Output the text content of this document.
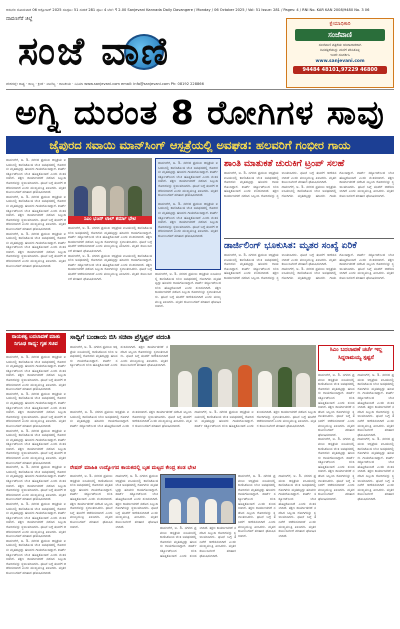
ಆಸುನೆಲ ಸೋಮವಾರ 06 ಅಕ್ಟೋಬರ್ 2025 ಸಂಪುಟ: 51 ಸಂಚಿಕೆ 281 ಪುಟ: 4 ಬೆಲೆ: ₹ 2.00 Sanjevani Kannada Daily Davangere / Monday / 06 October 2025 / Vol: 51 Issue: 281 / Pages: 4 / RNI No. KAR KAN 2008/9480 No. 3 06
ದಾವಣಗೆರೆ ಜಿಲ್ಲೆ
ಸಂಜೆ ವಾಣಿ
ಕ್ಷೇಮಾಧಿಕಾರಿ
ಸಂಜೆವಾಣಿ
ಸಂಜೆವಾಣಿ ಪತ್ರಿಕೆಯ ಚಂದಾದಾರರಾಗಿ
ದಿನಪತ್ರಿಕೆಯನ್ನು ಮನೆಗೆ ತರಿಸಿಕೊಳ್ಳಿ
ಇಂದೇ ಸಂಪರ್ಕಿಸಿ
www.sanjevani.com
94484 48101,97229 46800
ದೇಶದಲ್ಲೇ ರಾಷ್ಟ್ರ · ರಾಜ್ಯ · ಕ್ರೀಡೆ · ವಾಣಿಜ್ಯ · ರಾಜಕೀಯ · ಸಿನಿಮಾ www.sanjevani.com email: info@sanjevani.com Ph: 08192 228866
ಅಗ್ನಿ ದುರಂತ 8 ರೋಗಿಗಳ ಸಾವು
ಜೈಪುರದ ಸವಾಯಿ ಮಾನ್‌ಸಿಂಗ್ ಆಸ್ಪತ್ರೆಯಲ್ಲಿ ಅವಘಡ: ಹಲವರಿಗೆ ಗಂಭೀರ ಗಾಯ
ದಾವಣಗೆರೆ, ಅ. 5- ನಗರದ ಪ್ರಮುಖ ಆಸ್ಪತ್ರೆಯ ಐಸಿಯುನಲ್ಲಿ ಕಾಣಿಸಿಕೊಂಡ ಬೆಂಕಿ ಅವಘಡದಲ್ಲಿ ರೋಗಿಗಳು ಮೃತಪಟ್ಟಿದ್ದು ಹಲವರು ಗಾಯಗೊಂಡಿದ್ದಾರೆ. ಶಾರ್ಟ್ ಸರ್ಕ್ಯೂಟ್‌ನಿಂದ ಬೆಂಕಿ ಹೊತ್ತಿಕೊಂಡಿದೆ ಎಂದು ಶಂಕಿಸಲಾಗಿದೆ. ತಕ್ಷಣ ಕಾರ್ಯಾಚರಣೆ ನಡೆಸಿದ ಸಿಬ್ಬಂದಿ ರೋಗಿಗಳನ್ನು ಸ್ಥಳಾಂತರಿಸಿದರು. ಘಟನೆ ಬಗ್ಗೆ ತನಿಖೆಗೆ ಆದೇಶಿಸಲಾಗಿದೆ ಎಂದು ಮುಖ್ಯಮಂತ್ರಿ ತಿಳಿಸಿದರು. ಮೃತರ ಕುಟುಂಬಗಳಿಗೆ ಪರಿಹಾರ ಘೋಷಿಸಲಾಗಿದೆ.
ದಾವಣಗೆರೆ, ಅ. 5- ನಗರದ ಪ್ರಮುಖ ಆಸ್ಪತ್ರೆಯ ಐಸಿಯುನಲ್ಲಿ ಕಾಣಿಸಿಕೊಂಡ ಬೆಂಕಿ ಅವಘಡದಲ್ಲಿ ರೋಗಿಗಳು ಮೃತಪಟ್ಟಿದ್ದು ಹಲವರು ಗಾಯಗೊಂಡಿದ್ದಾರೆ. ಶಾರ್ಟ್ ಸರ್ಕ್ಯೂಟ್‌ನಿಂದ ಬೆಂಕಿ ಹೊತ್ತಿಕೊಂಡಿದೆ ಎಂದು ಶಂಕಿಸಲಾಗಿದೆ. ತಕ್ಷಣ ಕಾರ್ಯಾಚರಣೆ ನಡೆಸಿದ ಸಿಬ್ಬಂದಿ ರೋಗಿಗಳನ್ನು ಸ್ಥಳಾಂತರಿಸಿದರು. ಘಟನೆ ಬಗ್ಗೆ ತನಿಖೆಗೆ ಆದೇಶಿಸಲಾಗಿದೆ ಎಂದು ಮುಖ್ಯಮಂತ್ರಿ ತಿಳಿಸಿದರು. ಮೃತರ ಕುಟುಂಬಗಳಿಗೆ ಪರಿಹಾರ ಘೋಷಿಸಲಾಗಿದೆ.
ದಾವಣಗೆರೆ, ಅ. 5- ನಗರದ ಪ್ರಮುಖ ಆಸ್ಪತ್ರೆಯ ಐಸಿಯುನಲ್ಲಿ ಕಾಣಿಸಿಕೊಂಡ ಬೆಂಕಿ ಅವಘಡದಲ್ಲಿ ರೋಗಿಗಳು ಮೃತಪಟ್ಟಿದ್ದು ಹಲವರು ಗಾಯಗೊಂಡಿದ್ದಾರೆ. ಶಾರ್ಟ್ ಸರ್ಕ್ಯೂಟ್‌ನಿಂದ ಬೆಂಕಿ ಹೊತ್ತಿಕೊಂಡಿದೆ ಎಂದು ಶಂಕಿಸಲಾಗಿದೆ. ತಕ್ಷಣ ಕಾರ್ಯಾಚರಣೆ ನಡೆಸಿದ ಸಿಬ್ಬಂದಿ ರೋಗಿಗಳನ್ನು ಸ್ಥಳಾಂತರಿಸಿದರು. ಘಟನೆ ಬಗ್ಗೆ ತನಿಖೆಗೆ ಆದೇಶಿಸಲಾಗಿದೆ ಎಂದು ಮುಖ್ಯಮಂತ್ರಿ ತಿಳಿಸಿದರು. ಮೃತರ ಕುಟುಂಬಗಳಿಗೆ ಪರಿಹಾರ ಘೋಷಿಸಲಾಗಿದೆ.
ಸಿಎಂ ಭಜನ್ ಲಾಲ್ ಶರ್ಮಾ ಭೇಟಿ
ದಾವಣಗೆರೆ, ಅ. 5- ನಗರದ ಪ್ರಮುಖ ಆಸ್ಪತ್ರೆಯ ಐಸಿಯುನಲ್ಲಿ ಕಾಣಿಸಿಕೊಂಡ ಬೆಂಕಿ ಅವಘಡದಲ್ಲಿ ರೋಗಿಗಳು ಮೃತಪಟ್ಟಿದ್ದು ಹಲವರು ಗಾಯಗೊಂಡಿದ್ದಾರೆ. ಶಾರ್ಟ್ ಸರ್ಕ್ಯೂಟ್‌ನಿಂದ ಬೆಂಕಿ ಹೊತ್ತಿಕೊಂಡಿದೆ ಎಂದು ಶಂಕಿಸಲಾಗಿದೆ. ತಕ್ಷಣ ಕಾರ್ಯಾಚರಣೆ ನಡೆಸಿದ ಸಿಬ್ಬಂದಿ ರೋಗಿಗಳನ್ನು ಸ್ಥಳಾಂತರಿಸಿದರು. ಘಟನೆ ಬಗ್ಗೆ ತನಿಖೆಗೆ ಆದೇಶಿಸಲಾಗಿದೆ ಎಂದು ಮುಖ್ಯಮಂತ್ರಿ ತಿಳಿಸಿದರು. ಮೃತರ ಕುಟುಂಬಗಳಿಗೆ ಪರಿಹಾರ ಘೋಷಿಸಲಾಗಿದೆ.
ದಾವಣಗೆರೆ, ಅ. 5- ನಗರದ ಪ್ರಮುಖ ಆಸ್ಪತ್ರೆಯ ಐಸಿಯುನಲ್ಲಿ ಕಾಣಿಸಿಕೊಂಡ ಬೆಂಕಿ ಅವಘಡದಲ್ಲಿ ರೋಗಿಗಳು ಮೃತಪಟ್ಟಿದ್ದು ಹಲವರು ಗಾಯಗೊಂಡಿದ್ದಾರೆ. ಶಾರ್ಟ್ ಸರ್ಕ್ಯೂಟ್‌ನಿಂದ ಬೆಂಕಿ ಹೊತ್ತಿಕೊಂಡಿದೆ ಎಂದು ಶಂಕಿಸಲಾಗಿದೆ. ತಕ್ಷಣ ಕಾರ್ಯಾಚರಣೆ ನಡೆಸಿದ ಸಿಬ್ಬಂದಿ ರೋಗಿಗಳನ್ನು ಸ್ಥಳಾಂತರಿಸಿದರು. ಘಟನೆ ಬಗ್ಗೆ ತನಿಖೆಗೆ ಆದೇಶಿಸಲಾಗಿದೆ ಎಂದು ಮುಖ್ಯಮಂತ್ರಿ ತಿಳಿಸಿದರು. ಮೃತರ ಕುಟುಂಬಗಳಿಗೆ ಪರಿಹಾರ ಘೋಷಿಸಲಾಗಿದೆ.
ದಾವಣಗೆರೆ, ಅ. 5- ನಗರದ ಪ್ರಮುಖ ಆಸ್ಪತ್ರೆಯ ಐಸಿಯುನಲ್ಲಿ ಕಾಣಿಸಿಕೊಂಡ ಬೆಂಕಿ ಅವಘಡದಲ್ಲಿ ರೋಗಿಗಳು ಮೃತಪಟ್ಟಿದ್ದು ಹಲವರು ಗಾಯಗೊಂಡಿದ್ದಾರೆ. ಶಾರ್ಟ್ ಸರ್ಕ್ಯೂಟ್‌ನಿಂದ ಬೆಂಕಿ ಹೊತ್ತಿಕೊಂಡಿದೆ ಎಂದು ಶಂಕಿಸಲಾಗಿದೆ. ತಕ್ಷಣ ಕಾರ್ಯಾಚರಣೆ ನಡೆಸಿದ ಸಿಬ್ಬಂದಿ ರೋಗಿಗಳನ್ನು ಸ್ಥಳಾಂತರಿಸಿದರು. ಘಟನೆ ಬಗ್ಗೆ ತನಿಖೆಗೆ ಆದೇಶಿಸಲಾಗಿದೆ ಎಂದು ಮುಖ್ಯಮಂತ್ರಿ ತಿಳಿಸಿದರು. ಮೃತರ ಕುಟುಂಬಗಳಿಗೆ ಪರಿಹಾರ ಘೋಷಿಸಲಾಗಿದೆ.
ದಾವಣಗೆರೆ, ಅ. 5- ನಗರದ ಪ್ರಮುಖ ಆಸ್ಪತ್ರೆಯ ಐಸಿಯುನಲ್ಲಿ ಕಾಣಿಸಿಕೊಂಡ ಬೆಂಕಿ ಅವಘಡದಲ್ಲಿ ರೋಗಿಗಳು ಮೃತಪಟ್ಟಿದ್ದು ಹಲವರು ಗಾಯಗೊಂಡಿದ್ದಾರೆ. ಶಾರ್ಟ್ ಸರ್ಕ್ಯೂಟ್‌ನಿಂದ ಬೆಂಕಿ ಹೊತ್ತಿಕೊಂಡಿದೆ ಎಂದು ಶಂಕಿಸಲಾಗಿದೆ. ತಕ್ಷಣ ಕಾರ್ಯಾಚರಣೆ ನಡೆಸಿದ ಸಿಬ್ಬಂದಿ ರೋಗಿಗಳನ್ನು ಸ್ಥಳಾಂತರಿಸಿದರು. ಘಟನೆ ಬಗ್ಗೆ ತನಿಖೆಗೆ ಆದೇಶಿಸಲಾಗಿದೆ ಎಂದು ಮುಖ್ಯಮಂತ್ರಿ ತಿಳಿಸಿದರು. ಮೃತರ ಕುಟುಂಬಗಳಿಗೆ ಪರಿಹಾರ ಘೋಷಿಸಲಾಗಿದೆ.
ದಾವಣಗೆರೆ, ಅ. 5- ನಗರದ ಪ್ರಮುಖ ಆಸ್ಪತ್ರೆಯ ಐಸಿಯುನಲ್ಲಿ ಕಾಣಿಸಿಕೊಂಡ ಬೆಂಕಿ ಅವಘಡದಲ್ಲಿ ರೋಗಿಗಳು ಮೃತಪಟ್ಟಿದ್ದು ಹಲವರು ಗಾಯಗೊಂಡಿದ್ದಾರೆ. ಶಾರ್ಟ್ ಸರ್ಕ್ಯೂಟ್‌ನಿಂದ ಬೆಂಕಿ ಹೊತ್ತಿಕೊಂಡಿದೆ ಎಂದು ಶಂಕಿಸಲಾಗಿದೆ. ತಕ್ಷಣ ಕಾರ್ಯಾಚರಣೆ ನಡೆಸಿದ ಸಿಬ್ಬಂದಿ ರೋಗಿಗಳನ್ನು ಸ್ಥಳಾಂತರಿಸಿದರು. ಘಟನೆ ಬಗ್ಗೆ ತನಿಖೆಗೆ ಆದೇಶಿಸಲಾಗಿದೆ ಎಂದು ಮುಖ್ಯಮಂತ್ರಿ ತಿಳಿಸಿದರು. ಮೃತರ ಕುಟುಂಬಗಳಿಗೆ ಪರಿಹಾರ ಘೋಷಿಸಲಾಗಿದೆ.
ಶಾಂತಿ ಮಾತುಕತೆ ಚುರುಕಿಗೆ ಟ್ರಂಪ್ ಸಲಹೆ
ದಾವಣಗೆರೆ, ಅ. 5- ನಗರದ ಪ್ರಮುಖ ಆಸ್ಪತ್ರೆಯ ಐಸಿಯುನಲ್ಲಿ ಕಾಣಿಸಿಕೊಂಡ ಬೆಂಕಿ ಅವಘಡದಲ್ಲಿ ರೋಗಿಗಳು ಮೃತಪಟ್ಟಿದ್ದು ಹಲವರು ಗಾಯಗೊಂಡಿದ್ದಾರೆ. ಶಾರ್ಟ್ ಸರ್ಕ್ಯೂಟ್‌ನಿಂದ ಬೆಂಕಿ ಹೊತ್ತಿಕೊಂಡಿದೆ ಎಂದು ಶಂಕಿಸಲಾಗಿದೆ. ತಕ್ಷಣ ಕಾರ್ಯಾಚರಣೆ ನಡೆಸಿದ ಸಿಬ್ಬಂದಿ ರೋಗಿಗಳನ್ನು ಸ್ಥಳಾಂತರಿಸಿದರು. ಘಟನೆ ಬಗ್ಗೆ ತನಿಖೆಗೆ ಆದೇಶಿಸಲಾಗಿದೆ ಎಂದು ಮುಖ್ಯಮಂತ್ರಿ ತಿಳಿಸಿದರು. ಮೃತರ ಕುಟುಂಬಗಳಿಗೆ ಪರಿಹಾರ ಘೋಷಿಸಲಾಗಿದೆ.
ದಾವಣಗೆರೆ, ಅ. 5- ನಗರದ ಪ್ರಮುಖ ಆಸ್ಪತ್ರೆಯ ಐಸಿಯುನಲ್ಲಿ ಕಾಣಿಸಿಕೊಂಡ ಬೆಂಕಿ ಅವಘಡದಲ್ಲಿ ರೋಗಿಗಳು ಮೃತಪಟ್ಟಿದ್ದು ಹಲವರು ಗಾಯಗೊಂಡಿದ್ದಾರೆ. ಶಾರ್ಟ್ ಸರ್ಕ್ಯೂಟ್‌ನಿಂದ ಬೆಂಕಿ ಹೊತ್ತಿಕೊಂಡಿದೆ ಎಂದು ಶಂಕಿಸಲಾಗಿದೆ. ತಕ್ಷಣ ಕಾರ್ಯಾಚರಣೆ ನಡೆಸಿದ ಸಿಬ್ಬಂದಿ ರೋಗಿಗಳನ್ನು ಸ್ಥಳಾಂತರಿಸಿದರು. ಘಟನೆ ಬಗ್ಗೆ ತನಿಖೆಗೆ ಆದೇಶಿಸಲಾಗಿದೆ ಎಂದು ಮುಖ್ಯಮಂತ್ರಿ ತಿಳಿಸಿದರು. ಮೃತರ ಕುಟುಂಬಗಳಿಗೆ ಪರಿಹಾರ ಘೋಷಿಸಲಾಗಿದೆ.
ಡಾರ್ಜಿಲಿಂಗ್ ಭೂಕುಸಿತ: ಮೃತರ ಸಂಖ್ಯೆ ಏರಿಕೆ
ದಾವಣಗೆರೆ, ಅ. 5- ನಗರದ ಪ್ರಮುಖ ಆಸ್ಪತ್ರೆಯ ಐಸಿಯುನಲ್ಲಿ ಕಾಣಿಸಿಕೊಂಡ ಬೆಂಕಿ ಅವಘಡದಲ್ಲಿ ರೋಗಿಗಳು ಮೃತಪಟ್ಟಿದ್ದು ಹಲವರು ಗಾಯಗೊಂಡಿದ್ದಾರೆ. ಶಾರ್ಟ್ ಸರ್ಕ್ಯೂಟ್‌ನಿಂದ ಬೆಂಕಿ ಹೊತ್ತಿಕೊಂಡಿದೆ ಎಂದು ಶಂಕಿಸಲಾಗಿದೆ. ತಕ್ಷಣ ಕಾರ್ಯಾಚರಣೆ ನಡೆಸಿದ ಸಿಬ್ಬಂದಿ ರೋಗಿಗಳನ್ನು ಸ್ಥಳಾಂತರಿಸಿದರು. ಘಟನೆ ಬಗ್ಗೆ ತನಿಖೆಗೆ ಆದೇಶಿಸಲಾಗಿದೆ ಎಂದು ಮುಖ್ಯಮಂತ್ರಿ ತಿಳಿಸಿದರು. ಮೃತರ ಕುಟುಂಬಗಳಿಗೆ ಪರಿಹಾರ ಘೋಷಿಸಲಾಗಿದೆ.
ದಾವಣಗೆರೆ, ಅ. 5- ನಗರದ ಪ್ರಮುಖ ಆಸ್ಪತ್ರೆಯ ಐಸಿಯುನಲ್ಲಿ ಕಾಣಿಸಿಕೊಂಡ ಬೆಂಕಿ ಅವಘಡದಲ್ಲಿ ರೋಗಿಗಳು ಮೃತಪಟ್ಟಿದ್ದು ಹಲವರು ಗಾಯಗೊಂಡಿದ್ದಾರೆ. ಶಾರ್ಟ್ ಸರ್ಕ್ಯೂಟ್‌ನಿಂದ ಬೆಂಕಿ ಹೊತ್ತಿಕೊಂಡಿದೆ ಎಂದು ಶಂಕಿಸಲಾಗಿದೆ. ತಕ್ಷಣ ಕಾರ್ಯಾಚರಣೆ ನಡೆಸಿದ ಸಿಬ್ಬಂದಿ ರೋಗಿಗಳನ್ನು ಸ್ಥಳಾಂತರಿಸಿದರು. ಘಟನೆ ಬಗ್ಗೆ ತನಿಖೆಗೆ ಆದೇಶಿಸಲಾಗಿದೆ ಎಂದು ಮುಖ್ಯಮಂತ್ರಿ ತಿಳಿಸಿದರು. ಮೃತರ ಕುಟುಂಬಗಳಿಗೆ ಪರಿಹಾರ ಘೋಷಿಸಲಾಗಿದೆ.
ನಾಯಕತ್ವ ಬದಲಾವಣೆ ಮಾತು ನಿಗೂಢ ಸಾಧ್ಯ: ಗೃಹ ಸಚಿವ
ದಾವಣಗೆರೆ, ಅ. 5- ನಗರದ ಪ್ರಮುಖ ಆಸ್ಪತ್ರೆಯ ಐಸಿಯುನಲ್ಲಿ ಕಾಣಿಸಿಕೊಂಡ ಬೆಂಕಿ ಅವಘಡದಲ್ಲಿ ರೋಗಿಗಳು ಮೃತಪಟ್ಟಿದ್ದು ಹಲವರು ಗಾಯಗೊಂಡಿದ್ದಾರೆ. ಶಾರ್ಟ್ ಸರ್ಕ್ಯೂಟ್‌ನಿಂದ ಬೆಂಕಿ ಹೊತ್ತಿಕೊಂಡಿದೆ ಎಂದು ಶಂಕಿಸಲಾಗಿದೆ. ತಕ್ಷಣ ಕಾರ್ಯಾಚರಣೆ ನಡೆಸಿದ ಸಿಬ್ಬಂದಿ ರೋಗಿಗಳನ್ನು ಸ್ಥಳಾಂತರಿಸಿದರು. ಘಟನೆ ಬಗ್ಗೆ ತನಿಖೆಗೆ ಆದೇಶಿಸಲಾಗಿದೆ ಎಂದು ಮುಖ್ಯಮಂತ್ರಿ ತಿಳಿಸಿದರು. ಮೃತರ ಕುಟುಂಬಗಳಿಗೆ ಪರಿಹಾರ ಘೋಷಿಸಲಾಗಿದೆ.
ದಾವಣಗೆರೆ, ಅ. 5- ನಗರದ ಪ್ರಮುಖ ಆಸ್ಪತ್ರೆಯ ಐಸಿಯುನಲ್ಲಿ ಕಾಣಿಸಿಕೊಂಡ ಬೆಂಕಿ ಅವಘಡದಲ್ಲಿ ರೋಗಿಗಳು ಮೃತಪಟ್ಟಿದ್ದು ಹಲವರು ಗಾಯಗೊಂಡಿದ್ದಾರೆ. ಶಾರ್ಟ್ ಸರ್ಕ್ಯೂಟ್‌ನಿಂದ ಬೆಂಕಿ ಹೊತ್ತಿಕೊಂಡಿದೆ ಎಂದು ಶಂಕಿಸಲಾಗಿದೆ. ತಕ್ಷಣ ಕಾರ್ಯಾಚರಣೆ ನಡೆಸಿದ ಸಿಬ್ಬಂದಿ ರೋಗಿಗಳನ್ನು ಸ್ಥಳಾಂತರಿಸಿದರು. ಘಟನೆ ಬಗ್ಗೆ ತನಿಖೆಗೆ ಆದೇಶಿಸಲಾಗಿದೆ ಎಂದು ಮುಖ್ಯಮಂತ್ರಿ ತಿಳಿಸಿದರು. ಮೃತರ ಕುಟುಂಬಗಳಿಗೆ ಪರಿಹಾರ ಘೋಷಿಸಲಾಗಿದೆ.
ದಾವಣಗೆರೆ, ಅ. 5- ನಗರದ ಪ್ರಮುಖ ಆಸ್ಪತ್ರೆಯ ಐಸಿಯುನಲ್ಲಿ ಕಾಣಿಸಿಕೊಂಡ ಬೆಂಕಿ ಅವಘಡದಲ್ಲಿ ರೋಗಿಗಳು ಮೃತಪಟ್ಟಿದ್ದು ಹಲವರು ಗಾಯಗೊಂಡಿದ್ದಾರೆ. ಶಾರ್ಟ್ ಸರ್ಕ್ಯೂಟ್‌ನಿಂದ ಬೆಂಕಿ ಹೊತ್ತಿಕೊಂಡಿದೆ ಎಂದು ಶಂಕಿಸಲಾಗಿದೆ. ತಕ್ಷಣ ಕಾರ್ಯಾಚರಣೆ ನಡೆಸಿದ ಸಿಬ್ಬಂದಿ ರೋಗಿಗಳನ್ನು ಸ್ಥಳಾಂತರಿಸಿದರು. ಘಟನೆ ಬಗ್ಗೆ ತನಿಖೆಗೆ ಆದೇಶಿಸಲಾಗಿದೆ ಎಂದು ಮುಖ್ಯಮಂತ್ರಿ ತಿಳಿಸಿದರು. ಮೃತರ ಕುಟುಂಬಗಳಿಗೆ ಪರಿಹಾರ ಘೋಷಿಸಲಾಗಿದೆ.
ದಾವಣಗೆರೆ, ಅ. 5- ನಗರದ ಪ್ರಮುಖ ಆಸ್ಪತ್ರೆಯ ಐಸಿಯುನಲ್ಲಿ ಕಾಣಿಸಿಕೊಂಡ ಬೆಂಕಿ ಅವಘಡದಲ್ಲಿ ರೋಗಿಗಳು ಮೃತಪಟ್ಟಿದ್ದು ಹಲವರು ಗಾಯಗೊಂಡಿದ್ದಾರೆ. ಶಾರ್ಟ್ ಸರ್ಕ್ಯೂಟ್‌ನಿಂದ ಬೆಂಕಿ ಹೊತ್ತಿಕೊಂಡಿದೆ ಎಂದು ಶಂಕಿಸಲಾಗಿದೆ. ತಕ್ಷಣ ಕಾರ್ಯಾಚರಣೆ ನಡೆಸಿದ ಸಿಬ್ಬಂದಿ ರೋಗಿಗಳನ್ನು ಸ್ಥಳಾಂತರಿಸಿದರು. ಘಟನೆ ಬಗ್ಗೆ ತನಿಖೆಗೆ ಆದೇಶಿಸಲಾಗಿದೆ ಎಂದು ಮುಖ್ಯಮಂತ್ರಿ ತಿಳಿಸಿದರು. ಮೃತರ ಕುಟುಂಬಗಳಿಗೆ ಪರಿಹಾರ ಘೋಷಿಸಲಾಗಿದೆ.
ದಾವಣಗೆರೆ, ಅ. 5- ನಗರದ ಪ್ರಮುಖ ಆಸ್ಪತ್ರೆಯ ಐಸಿಯುನಲ್ಲಿ ಕಾಣಿಸಿಕೊಂಡ ಬೆಂಕಿ ಅವಘಡದಲ್ಲಿ ರೋಗಿಗಳು ಮೃತಪಟ್ಟಿದ್ದು ಹಲವರು ಗಾಯಗೊಂಡಿದ್ದಾರೆ. ಶಾರ್ಟ್ ಸರ್ಕ್ಯೂಟ್‌ನಿಂದ ಬೆಂಕಿ ಹೊತ್ತಿಕೊಂಡಿದೆ ಎಂದು ಶಂಕಿಸಲಾಗಿದೆ. ತಕ್ಷಣ ಕಾರ್ಯಾಚರಣೆ ನಡೆಸಿದ ಸಿಬ್ಬಂದಿ ರೋಗಿಗಳನ್ನು ಸ್ಥಳಾಂತರಿಸಿದರು. ಘಟನೆ ಬಗ್ಗೆ ತನಿಖೆಗೆ ಆದೇಶಿಸಲಾಗಿದೆ ಎಂದು ಮುಖ್ಯಮಂತ್ರಿ ತಿಳಿಸಿದರು. ಮೃತರ ಕುಟುಂಬಗಳಿಗೆ ಪರಿಹಾರ ಘೋಷಿಸಲಾಗಿದೆ.
ದಾವಣಗೆರೆ, ಅ. 5- ನಗರದ ಪ್ರಮುಖ ಆಸ್ಪತ್ರೆಯ ಐಸಿಯುನಲ್ಲಿ ಕಾಣಿಸಿಕೊಂಡ ಬೆಂಕಿ ಅವಘಡದಲ್ಲಿ ರೋಗಿಗಳು ಮೃತಪಟ್ಟಿದ್ದು ಹಲವರು ಗಾಯಗೊಂಡಿದ್ದಾರೆ. ಶಾರ್ಟ್ ಸರ್ಕ್ಯೂಟ್‌ನಿಂದ ಬೆಂಕಿ ಹೊತ್ತಿಕೊಂಡಿದೆ ಎಂದು ಶಂಕಿಸಲಾಗಿದೆ. ತಕ್ಷಣ ಕಾರ್ಯಾಚರಣೆ ನಡೆಸಿದ ಸಿಬ್ಬಂದಿ ರೋಗಿಗಳನ್ನು ಸ್ಥಳಾಂತರಿಸಿದರು. ಘಟನೆ ಬಗ್ಗೆ ತನಿಖೆಗೆ ಆದೇಶಿಸಲಾಗಿದೆ ಎಂದು ಮುಖ್ಯಮಂತ್ರಿ ತಿಳಿಸಿದರು. ಮೃತರ ಕುಟುಂಬಗಳಿಗೆ ಪರಿಹಾರ ಘೋಷಿಸಲಾಗಿದೆ.
ಸಾಧ್ವಿಗೆ ಬಂಡಾಯ ಬಿಸಿ ಸಚಿವಾ ಪ್ರೆಸ್ಕ್ರಿಪ್ಷನ್ ವದಂತಿ
ದಾವಣಗೆರೆ, ಅ. 5- ನಗರದ ಪ್ರಮುಖ ಆಸ್ಪತ್ರೆಯ ಐಸಿಯುನಲ್ಲಿ ಕಾಣಿಸಿಕೊಂಡ ಬೆಂಕಿ ಅವಘಡದಲ್ಲಿ ರೋಗಿಗಳು ಮೃತಪಟ್ಟಿದ್ದು ಹಲವರು ಗಾಯಗೊಂಡಿದ್ದಾರೆ. ಶಾರ್ಟ್ ಸರ್ಕ್ಯೂಟ್‌ನಿಂದ ಬೆಂಕಿ ಹೊತ್ತಿಕೊಂಡಿದೆ ಎಂದು ಶಂಕಿಸಲಾಗಿದೆ. ತಕ್ಷಣ ಕಾರ್ಯಾಚರಣೆ ನಡೆಸಿದ ಸಿಬ್ಬಂದಿ ರೋಗಿಗಳನ್ನು ಸ್ಥಳಾಂತರಿಸಿದರು. ಘಟನೆ ಬಗ್ಗೆ ತನಿಖೆಗೆ ಆದೇಶಿಸಲಾಗಿದೆ ಎಂದು ಮುಖ್ಯಮಂತ್ರಿ ತಿಳಿಸಿದರು. ಮೃತರ ಕುಟುಂಬಗಳಿಗೆ ಪರಿಹಾರ ಘೋಷಿಸಲಾಗಿದೆ.
ಸಿಎಂ ಬದಲಾವಣೆ ಚರ್ಚೆ ಇಲ್ಲ ಸಿದ್ದರಾಮಯ್ಯ ಸ್ಪಷ್ಟನೆ
ದಾವಣಗೆರೆ, ಅ. 5- ನಗರದ ಪ್ರಮುಖ ಆಸ್ಪತ್ರೆಯ ಐಸಿಯುನಲ್ಲಿ ಕಾಣಿಸಿಕೊಂಡ ಬೆಂಕಿ ಅವಘಡದಲ್ಲಿ ರೋಗಿಗಳು ಮೃತಪಟ್ಟಿದ್ದು ಹಲವರು ಗಾಯಗೊಂಡಿದ್ದಾರೆ. ಶಾರ್ಟ್ ಸರ್ಕ್ಯೂಟ್‌ನಿಂದ ಬೆಂಕಿ ಹೊತ್ತಿಕೊಂಡಿದೆ ಎಂದು ಶಂಕಿಸಲಾಗಿದೆ. ತಕ್ಷಣ ಕಾರ್ಯಾಚರಣೆ ನಡೆಸಿದ ಸಿಬ್ಬಂದಿ ರೋಗಿಗಳನ್ನು ಸ್ಥಳಾಂತರಿಸಿದರು. ಘಟನೆ ಬಗ್ಗೆ ತನಿಖೆಗೆ ಆದೇಶಿಸಲಾಗಿದೆ ಎಂದು ಮುಖ್ಯಮಂತ್ರಿ ತಿಳಿಸಿದರು. ಮೃತರ ಕುಟುಂಬಗಳಿಗೆ ಪರಿಹಾರ ಘೋಷಿಸಲಾಗಿದೆ.
ದಾವಣಗೆರೆ, ಅ. 5- ನಗರದ ಪ್ರಮುಖ ಆಸ್ಪತ್ರೆಯ ಐಸಿಯುನಲ್ಲಿ ಕಾಣಿಸಿಕೊಂಡ ಬೆಂಕಿ ಅವಘಡದಲ್ಲಿ ರೋಗಿಗಳು ಮೃತಪಟ್ಟಿದ್ದು ಹಲವರು ಗಾಯಗೊಂಡಿದ್ದಾರೆ. ಶಾರ್ಟ್ ಸರ್ಕ್ಯೂಟ್‌ನಿಂದ ಬೆಂಕಿ ಹೊತ್ತಿಕೊಂಡಿದೆ ಎಂದು ಶಂಕಿಸಲಾಗಿದೆ. ತಕ್ಷಣ ಕಾರ್ಯಾಚರಣೆ ನಡೆಸಿದ ಸಿಬ್ಬಂದಿ ರೋಗಿಗಳನ್ನು ಸ್ಥಳಾಂತರಿಸಿದರು. ಘಟನೆ ಬಗ್ಗೆ ತನಿಖೆಗೆ ಆದೇಶಿಸಲಾಗಿದೆ ಎಂದು ಮುಖ್ಯಮಂತ್ರಿ ತಿಳಿಸಿದರು. ಮೃತರ ಕುಟುಂಬಗಳಿಗೆ ಪರಿಹಾರ ಘೋಷಿಸಲಾಗಿದೆ.
ದಾವಣಗೆರೆ, ಅ. 5- ನಗರದ ಪ್ರಮುಖ ಆಸ್ಪತ್ರೆಯ ಐಸಿಯುನಲ್ಲಿ ಕಾಣಿಸಿಕೊಂಡ ಬೆಂಕಿ ಅವಘಡದಲ್ಲಿ ರೋಗಿಗಳು ಮೃತಪಟ್ಟಿದ್ದು ಹಲವರು ಗಾಯಗೊಂಡಿದ್ದಾರೆ. ಶಾರ್ಟ್ ಸರ್ಕ್ಯೂಟ್‌ನಿಂದ ಬೆಂಕಿ ಹೊತ್ತಿಕೊಂಡಿದೆ ಎಂದು ಶಂಕಿಸಲಾಗಿದೆ. ತಕ್ಷಣ ಕಾರ್ಯಾಚರಣೆ ನಡೆಸಿದ ಸಿಬ್ಬಂದಿ ರೋಗಿಗಳನ್ನು ಸ್ಥಳಾಂತರಿಸಿದರು. ಘಟನೆ ಬಗ್ಗೆ ತನಿಖೆಗೆ ಆದೇಶಿಸಲಾಗಿದೆ ಎಂದು ಮುಖ್ಯಮಂತ್ರಿ ತಿಳಿಸಿದರು. ಮೃತರ ಕುಟುಂಬಗಳಿಗೆ ಪರಿಹಾರ ಘೋಷಿಸಲಾಗಿದೆ.
ದಾವಣಗೆರೆ, ಅ. 5- ನಗರದ ಪ್ರಮುಖ ಆಸ್ಪತ್ರೆಯ ಐಸಿಯುನಲ್ಲಿ ಕಾಣಿಸಿಕೊಂಡ ಬೆಂಕಿ ಅವಘಡದಲ್ಲಿ ರೋಗಿಗಳು ಮೃತಪಟ್ಟಿದ್ದು ಹಲವರು ಗಾಯಗೊಂಡಿದ್ದಾರೆ. ಶಾರ್ಟ್ ಸರ್ಕ್ಯೂಟ್‌ನಿಂದ ಬೆಂಕಿ ಹೊತ್ತಿಕೊಂಡಿದೆ ಎಂದು ಶಂಕಿಸಲಾಗಿದೆ. ತಕ್ಷಣ ಕಾರ್ಯಾಚರಣೆ ನಡೆಸಿದ ಸಿಬ್ಬಂದಿ ರೋಗಿಗಳನ್ನು ಸ್ಥಳಾಂತರಿಸಿದರು. ಘಟನೆ ಬಗ್ಗೆ ತನಿಖೆಗೆ ಆದೇಶಿಸಲಾಗಿದೆ ಎಂದು ಮುಖ್ಯಮಂತ್ರಿ ತಿಳಿಸಿದರು. ಮೃತರ ಕುಟುಂಬಗಳಿಗೆ ಪರಿಹಾರ ಘೋಷಿಸಲಾಗಿದೆ.
ದಾವಣಗೆರೆ, ಅ. 5- ನಗರದ ಪ್ರಮುಖ ಆಸ್ಪತ್ರೆಯ ಐಸಿಯುನಲ್ಲಿ ಕಾಣಿಸಿಕೊಂಡ ಬೆಂಕಿ ಅವಘಡದಲ್ಲಿ ರೋಗಿಗಳು ಮೃತಪಟ್ಟಿದ್ದು ಹಲವರು ಗಾಯಗೊಂಡಿದ್ದಾರೆ. ಶಾರ್ಟ್ ಸರ್ಕ್ಯೂಟ್‌ನಿಂದ ಬೆಂಕಿ ಹೊತ್ತಿಕೊಂಡಿದೆ ಎಂದು ಶಂಕಿಸಲಾಗಿದೆ. ತಕ್ಷಣ ಕಾರ್ಯಾಚರಣೆ ನಡೆಸಿದ ಸಿಬ್ಬಂದಿ ರೋಗಿಗಳನ್ನು ಸ್ಥಳಾಂತರಿಸಿದರು. ಘಟನೆ ಬಗ್ಗೆ ತನಿಖೆಗೆ ಆದೇಶಿಸಲಾಗಿದೆ ಎಂದು ಮುಖ್ಯಮಂತ್ರಿ ತಿಳಿಸಿದರು. ಮೃತರ ಕುಟುಂಬಗಳಿಗೆ ಪರಿಹಾರ ಘೋಷಿಸಲಾಗಿದೆ.
ದಾವಣಗೆರೆ, ಅ. 5- ನಗರದ ಪ್ರಮುಖ ಆಸ್ಪತ್ರೆಯ ಐಸಿಯುನಲ್ಲಿ ಕಾಣಿಸಿಕೊಂಡ ಬೆಂಕಿ ಅವಘಡದಲ್ಲಿ ರೋಗಿಗಳು ಮೃತಪಟ್ಟಿದ್ದು ಹಲವರು ಗಾಯಗೊಂಡಿದ್ದಾರೆ. ಶಾರ್ಟ್ ಸರ್ಕ್ಯೂಟ್‌ನಿಂದ ಬೆಂಕಿ ಹೊತ್ತಿಕೊಂಡಿದೆ ಎಂದು ಶಂಕಿಸಲಾಗಿದೆ. ತಕ್ಷಣ ಕಾರ್ಯಾಚರಣೆ ನಡೆಸಿದ ಸಿಬ್ಬಂದಿ ರೋಗಿಗಳನ್ನು ಸ್ಥಳಾಂತರಿಸಿದರು. ಘಟನೆ ಬಗ್ಗೆ ತನಿಖೆಗೆ ಆದೇಶಿಸಲಾಗಿದೆ ಎಂದು ಮುಖ್ಯಮಂತ್ರಿ ತಿಳಿಸಿದರು. ಮೃತರ ಕುಟುಂಬಗಳಿಗೆ ಪರಿಹಾರ ಘೋಷಿಸಲಾಗಿದೆ.
ರೇಷನ್ ಮಾಹಿತಿ ಉದ್ಯೋಗದ ಕಾಯಕದಲ್ಲಿ ಬೃಹ ಮಟ್ಟದ ಕೇಂದ್ರ ತಂಡ ಭೇಟಿ
ದಾವಣಗೆರೆ, ಅ. 5- ನಗರದ ಪ್ರಮುಖ ಆಸ್ಪತ್ರೆಯ ಐಸಿಯುನಲ್ಲಿ ಕಾಣಿಸಿಕೊಂಡ ಬೆಂಕಿ ಅವಘಡದಲ್ಲಿ ರೋಗಿಗಳು ಮೃತಪಟ್ಟಿದ್ದು ಹಲವರು ಗಾಯಗೊಂಡಿದ್ದಾರೆ. ಶಾರ್ಟ್ ಸರ್ಕ್ಯೂಟ್‌ನಿಂದ ಬೆಂಕಿ ಹೊತ್ತಿಕೊಂಡಿದೆ ಎಂದು ಶಂಕಿಸಲಾಗಿದೆ. ತಕ್ಷಣ ಕಾರ್ಯಾಚರಣೆ ನಡೆಸಿದ ಸಿಬ್ಬಂದಿ ರೋಗಿಗಳನ್ನು ಸ್ಥಳಾಂತರಿಸಿದರು. ಘಟನೆ ಬಗ್ಗೆ ತನಿಖೆಗೆ ಆದೇಶಿಸಲಾಗಿದೆ ಎಂದು ಮುಖ್ಯಮಂತ್ರಿ ತಿಳಿಸಿದರು. ಮೃತರ ಕುಟುಂಬಗಳಿಗೆ ಪರಿಹಾರ ಘೋಷಿಸಲಾಗಿದೆ.
ದಾವಣಗೆರೆ, ಅ. 5- ನಗರದ ಪ್ರಮುಖ ಆಸ್ಪತ್ರೆಯ ಐಸಿಯುನಲ್ಲಿ ಕಾಣಿಸಿಕೊಂಡ ಬೆಂಕಿ ಅವಘಡದಲ್ಲಿ ರೋಗಿಗಳು ಮೃತಪಟ್ಟಿದ್ದು ಹಲವರು ಗಾಯಗೊಂಡಿದ್ದಾರೆ. ಶಾರ್ಟ್ ಸರ್ಕ್ಯೂಟ್‌ನಿಂದ ಬೆಂಕಿ ಹೊತ್ತಿಕೊಂಡಿದೆ ಎಂದು ಶಂಕಿಸಲಾಗಿದೆ. ತಕ್ಷಣ ಕಾರ್ಯಾಚರಣೆ ನಡೆಸಿದ ಸಿಬ್ಬಂದಿ ರೋಗಿಗಳನ್ನು ಸ್ಥಳಾಂತರಿಸಿದರು. ಘಟನೆ ಬಗ್ಗೆ ತನಿಖೆಗೆ ಆದೇಶಿಸಲಾಗಿದೆ ಎಂದು ಮುಖ್ಯಮಂತ್ರಿ ತಿಳಿಸಿದರು. ಮೃತರ ಕುಟುಂಬಗಳಿಗೆ ಪರಿಹಾರ ಘೋಷಿಸಲಾಗಿದೆ.
ದಾವಣಗೆರೆ, ಅ. 5- ನಗರದ ಪ್ರಮುಖ ಆಸ್ಪತ್ರೆಯ ಐಸಿಯುನಲ್ಲಿ ಕಾಣಿಸಿಕೊಂಡ ಬೆಂಕಿ ಅವಘಡದಲ್ಲಿ ರೋಗಿಗಳು ಮೃತಪಟ್ಟಿದ್ದು ಹಲವರು ಗಾಯಗೊಂಡಿದ್ದಾರೆ. ಶಾರ್ಟ್ ಸರ್ಕ್ಯೂಟ್‌ನಿಂದ ಬೆಂಕಿ ಹೊತ್ತಿಕೊಂಡಿದೆ ಎಂದು ಶಂಕಿಸಲಾಗಿದೆ. ತಕ್ಷಣ ಕಾರ್ಯಾಚರಣೆ ನಡೆಸಿದ ಸಿಬ್ಬಂದಿ ರೋಗಿಗಳನ್ನು ಸ್ಥಳಾಂತರಿಸಿದರು. ಘಟನೆ ಬಗ್ಗೆ ತನಿಖೆಗೆ ಆದೇಶಿಸಲಾಗಿದೆ ಎಂದು ಮುಖ್ಯಮಂತ್ರಿ ತಿಳಿಸಿದರು. ಮೃತರ ಕುಟುಂಬಗಳಿಗೆ ಪರಿಹಾರ ಘೋಷಿಸಲಾಗಿದೆ.
ದಾವಣಗೆರೆ, ಅ. 5- ನಗರದ ಪ್ರಮುಖ ಆಸ್ಪತ್ರೆಯ ಐಸಿಯುನಲ್ಲಿ ಕಾಣಿಸಿಕೊಂಡ ಬೆಂಕಿ ಅವಘಡದಲ್ಲಿ ರೋಗಿಗಳು ಮೃತಪಟ್ಟಿದ್ದು ಹಲವರು ಗಾಯಗೊಂಡಿದ್ದಾರೆ. ಶಾರ್ಟ್ ಸರ್ಕ್ಯೂಟ್‌ನಿಂದ ಬೆಂಕಿ ಹೊತ್ತಿಕೊಂಡಿದೆ ಎಂದು ಶಂಕಿಸಲಾಗಿದೆ. ತಕ್ಷಣ ಕಾರ್ಯಾಚರಣೆ ನಡೆಸಿದ ಸಿಬ್ಬಂದಿ ರೋಗಿಗಳನ್ನು ಸ್ಥಳಾಂತರಿಸಿದರು. ಘಟನೆ ಬಗ್ಗೆ ತನಿಖೆಗೆ ಆದೇಶಿಸಲಾಗಿದೆ ಎಂದು ಮುಖ್ಯಮಂತ್ರಿ ತಿಳಿಸಿದರು. ಮೃತರ ಕುಟುಂಬಗಳಿಗೆ ಪರಿಹಾರ ಘೋಷಿಸಲಾಗಿದೆ.
ದಾವಣಗೆರೆ, ಅ. 5- ನಗರದ ಪ್ರಮುಖ ಆಸ್ಪತ್ರೆಯ ಐಸಿಯುನಲ್ಲಿ ಕಾಣಿಸಿಕೊಂಡ ಬೆಂಕಿ ಅವಘಡದಲ್ಲಿ ರೋಗಿಗಳು ಮೃತಪಟ್ಟಿದ್ದು ಹಲವರು ಗಾಯಗೊಂಡಿದ್ದಾರೆ. ಶಾರ್ಟ್ ಸರ್ಕ್ಯೂಟ್‌ನಿಂದ ಬೆಂಕಿ ಹೊತ್ತಿಕೊಂಡಿದೆ ಎಂದು ಶಂಕಿಸಲಾಗಿದೆ. ತಕ್ಷಣ ಕಾರ್ಯಾಚರಣೆ ನಡೆಸಿದ ಸಿಬ್ಬಂದಿ ರೋಗಿಗಳನ್ನು ಸ್ಥಳಾಂತರಿಸಿದರು. ಘಟನೆ ಬಗ್ಗೆ ತನಿಖೆಗೆ ಆದೇಶಿಸಲಾಗಿದೆ ಎಂದು ಮುಖ್ಯಮಂತ್ರಿ ತಿಳಿಸಿದರು. ಮೃತರ ಕುಟುಂಬಗಳಿಗೆ ಪರಿಹಾರ ಘೋಷಿಸಲಾಗಿದೆ.
